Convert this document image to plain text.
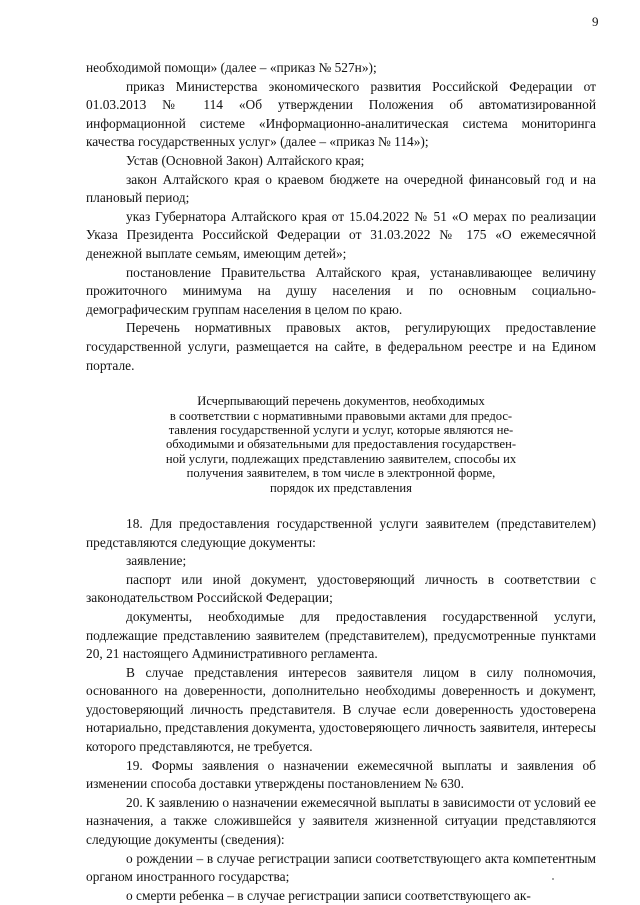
9

необходимой помощи» (далее – «приказ № 527н»);

приказ Министерства экономического развития Российской Федерации от 01.03.2013 № 114 «Об утверждении Положения об автоматизированной информационной системе «Информационно-аналитическая система мониторинга качества государственных услуг» (далее – «приказ № 114»);

Устав (Основной Закон) Алтайского края;

закон Алтайского края о краевом бюджете на очередной финансовый год и на плановый период;

указ Губернатора Алтайского края от 15.04.2022 № 51 «О мерах по реализации Указа Президента Российской Федерации от 31.03.2022 № 175 «О ежемесячной денежной выплате семьям, имеющим детей»;

постановление Правительства Алтайского края, устанавливающее величину прожиточного минимума на душу населения и по основным социально-демографическим группам населения в целом по краю.

Перечень нормативных правовых актов, регулирующих предоставление государственной услуги, размещается на сайте, в федеральном реестре и на Едином портале.

Исчерпывающий перечень документов, необходимых
в соответствии с нормативными правовыми актами для предос-
тавления государственной услуги и услуг, которые являются не-
обходимыми и обязательными для предоставления государствен-
ной услуги, подлежащих представлению заявителем, способы их
получения заявителем, в том числе в электронной форме,
порядок их представления

18. Для предоставления государственной услуги заявителем (представителем) представляются следующие документы:

заявление;

паспорт или иной документ, удостоверяющий личность в соответствии с законодательством Российской Федерации;

документы, необходимые для предоставления государственной услуги, подлежащие представлению заявителем (представителем), предусмотренные пунктами 20, 21 настоящего Административного регламента.

В случае представления интересов заявителя лицом в силу полномочия, основанного на доверенности, дополнительно необходимы доверенность и документ, удостоверяющий личность представителя. В случае если доверенность удостоверена нотариально, представления документа, удостоверяющего личность заявителя, интересы которого представляются, не требуется.

19. Формы заявления о назначении ежемесячной выплаты и заявления об изменении способа доставки утверждены постановлением № 630.

20. К заявлению о назначении ежемесячной выплаты в зависимости от условий ее назначения, а также сложившейся у заявителя жизненной ситуации представляются следующие документы (сведения):

о рождении – в случае регистрации записи соответствующего акта компетентным органом иностранного государства;

о смерти ребенка – в случае регистрации записи соответствующего ак-
